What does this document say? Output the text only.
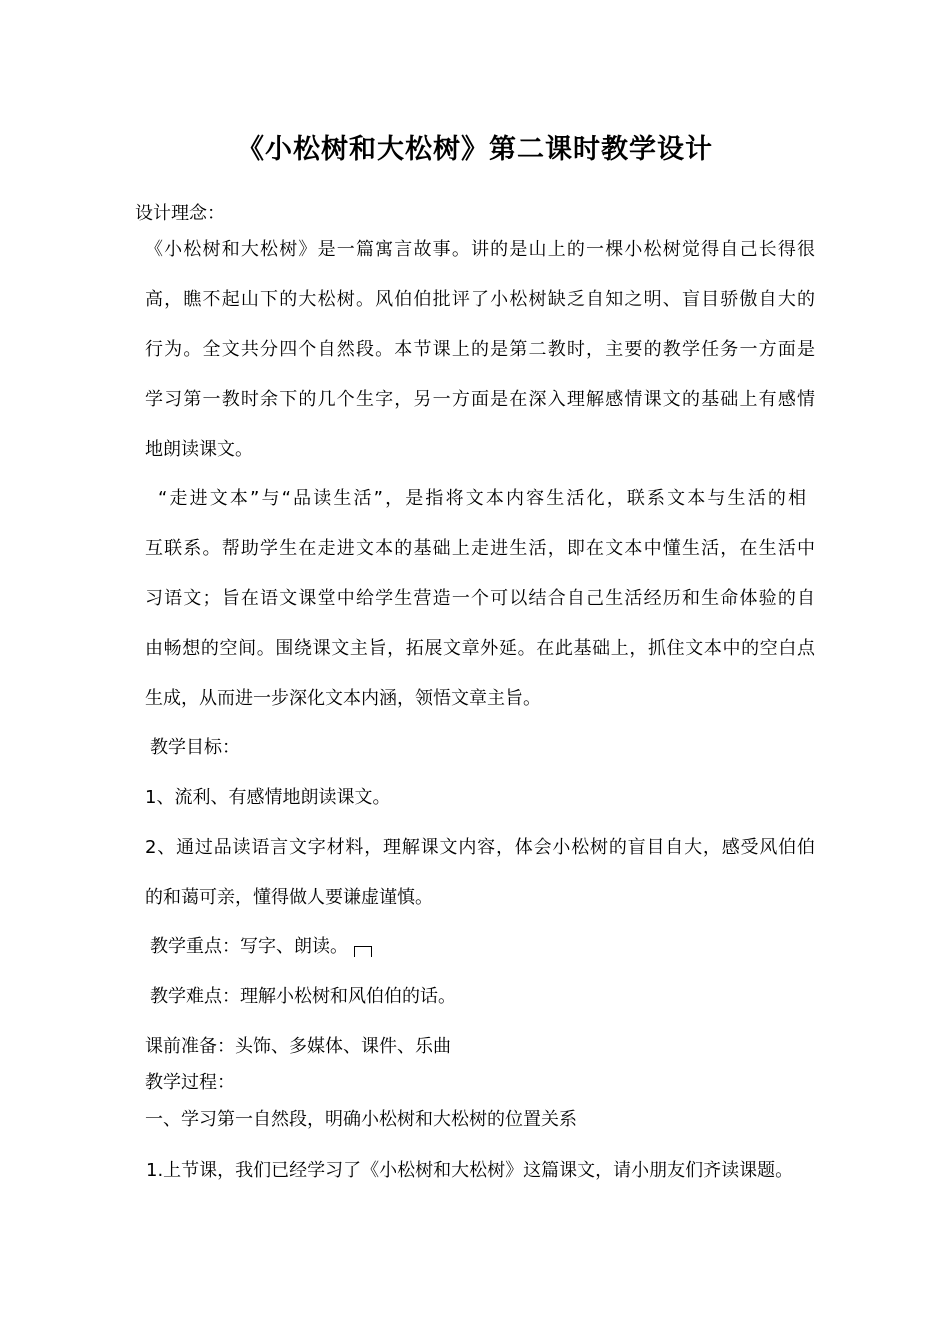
《小松树和大松树》第二课时教学设计
设计理念：
《小松树和大松树》是一篇寓言故事。讲的是山上的一棵小松树觉得自己长得很
高，瞧不起山下的大松树。风伯伯批评了小松树缺乏自知之明、盲目骄傲自大的
行为。全文共分四个自然段。本节课上的是第二教时，主要的教学任务一方面是
学习第一教时余下的几个生字，另一方面是在深入理解感情课文的基础上有感情
地朗读课文。
“走进文本”与“品读生活”，是指将文本内容生活化，联系文本与生活的相
互联系。帮助学生在走进文本的基础上走进生活，即在文本中懂生活，在生活中
习语文；旨在语文课堂中给学生营造一个可以结合自己生活经历和生命体验的自
由畅想的空间。围绕课文主旨，拓展文章外延。在此基础上，抓住文本中的空白点
生成，从而进一步深化文本内涵，领悟文章主旨。
教学目标：
1、流利、有感情地朗读课文。
2、通过品读语言文字材料，理解课文内容，体会小松树的盲目自大，感受风伯伯
的和蔼可亲，懂得做人要谦虚谨慎。
教学重点：写字、朗读。
教学难点：理解小松树和风伯伯的话。
课前准备：头饰、多媒体、课件、乐曲
教学过程：
一、学习第一自然段，明确小松树和大松树的位置关系
1.上节课，我们已经学习了《小松树和大松树》这篇课文，请小朋友们齐读课题。
